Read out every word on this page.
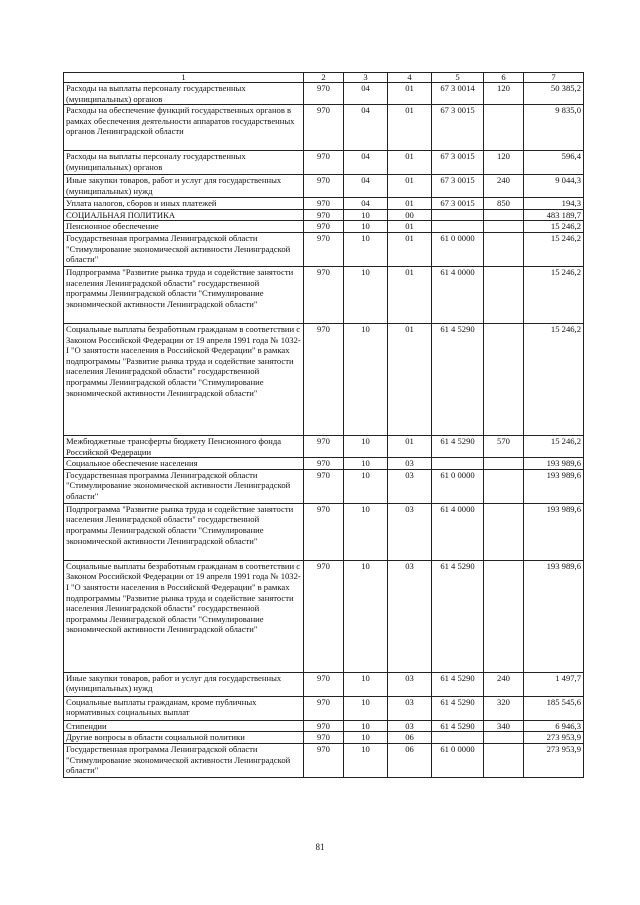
1	2	3	4	5	6	7
Расходы на выплаты персоналу государственных (муниципальных) органов	970	04	01	67 3 0014	120	50 385,2
Расходы на обеспечение функций государственных органов в рамках обеспечения деятельности аппаратов государственных органов Ленинградской области	970	04	01	67 3 0015		9 835,0
Расходы на выплаты персоналу государственных (муниципальных) органов	970	04	01	67 3 0015	120	596,4
Иные закупки товаров, работ и услуг для государственных (муниципальных) нужд	970	04	01	67 3 0015	240	9 044,3
Уплата налогов, сборов и иных платежей	970	04	01	67 3 0015	850	194,3
СОЦИАЛЬНАЯ ПОЛИТИКА	970	10	00			483 189,7
Пенсионное обеспечение	970	10	01			15 246,2
Государственная программа Ленинградской области "Стимулирование экономической активности Ленинградской области"	970	10	01	61 0 0000		15 246,2
Подпрограмма "Развитие рынка труда и содействие занятости населения Ленинградской области" государственной программы Ленинградской области "Стимулирование экономической активности Ленинградской области"	970	10	01	61 4 0000		15 246,2
Социальные выплаты безработным гражданам в соответствии с Законом Российской Федерации от 19 апреля 1991 года № 1032-I "О занятости населения в Российской Федерации" в рамках подпрограммы "Развитие рынка труда и содействие занятости населения Ленинградской области" государственной программы Ленинградской области "Стимулирование экономической активности Ленинградской области"	970	10	01	61 4 5290		15 246,2
Межбюджетные трансферты бюджету Пенсионного фонда Российской Федерации	970	10	01	61 4 5290	570	15 246,2
Социальное обеспечение населения	970	10	03			193 989,6
Государственная программа Ленинградской области "Стимулирование экономической активности Ленинградской области"	970	10	03	61 0 0000		193 989,6
Подпрограмма "Развитие рынка труда и содействие занятости населения Ленинградской области" государственной программы Ленинградской области "Стимулирование экономической активности Ленинградской области"	970	10	03	61 4 0000		193 989,6
Социальные выплаты безработным гражданам в соответствии с Законом Российской Федерации от 19 апреля 1991 года № 1032-I "О занятости населения в Российской Федерации" в рамках подпрограммы "Развитие рынка труда и содействие занятости населения Ленинградской области" государственной программы Ленинградской области "Стимулирование экономической активности Ленинградской области"	970	10	03	61 4 5290		193 989,6
Иные закупки товаров, работ и услуг для государственных (муниципальных) нужд	970	10	03	61 4 5290	240	1 497,7
Социальные выплаты гражданам, кроме публичных нормативных социальных выплат	970	10	03	61 4 5290	320	185 545,6
Стипендии	970	10	03	61 4 5290	340	6 946,3
Другие вопросы в области социальной политики	970	10	06			273 953,9
Государственная программа Ленинградской области "Стимулирование экономической активности Ленинградской области"	970	10	06	61 0 0000		273 953,9
81
